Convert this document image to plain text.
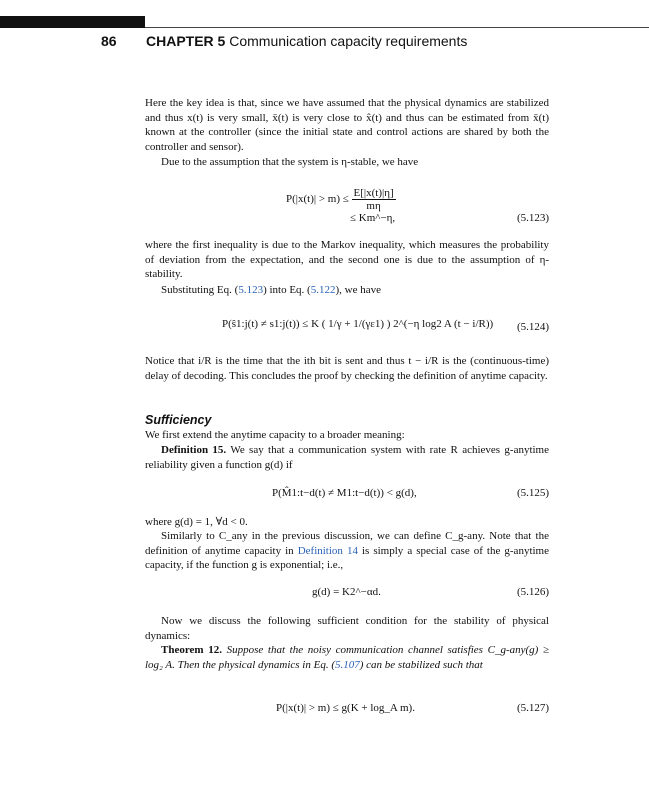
86 CHAPTER 5 Communication capacity requirements
Here the key idea is that, since we have assumed that the physical dynamics are stabilized and thus x(t) is very small, x̄(t) is very close to x̂(t) and thus can be estimated from x̄(t) known at the controller (since the initial state and control actions are shared by both the controller and sensor).
Due to the assumption that the system is η-stable, we have
$P(|x(t)| > m) \le \frac{E[|x(t)|\eta]}{m\eta}$
≤ Km^−η,	(5.123)
where the first inequality is due to the Markov inequality, which measures the probability of deviation from the expectation, and the second one is due to the assumption of η-stability.
Substituting Eq. (5.123) into Eq. (5.122), we have
P(ŝ1:j(t) ≠ s1:j(t)) ≤ K ( 1/γ + 1/(γε1) ) 2^(−η log2 A (t − i/R)) (5.124)
Notice that i/R is the time that the ith bit is sent and thus t − i/R is the (continuous-time) delay of decoding. This concludes the proof by checking the definition of anytime capacity.
Sufficiency
We first extend the anytime capacity to a broader meaning:
Definition 15. We say that a communication system with rate R achieves g-anytime reliability given a function g(d) if
P(M̂1:t−d(t) ≠ M1:t−d(t)) < g(d),	(5.125)
where g(d) = 1, ∀d < 0.
Similarly to C_any in the previous discussion, we can define C_g-any. Note that the definition of anytime capacity in Definition 14 is simply a special case of the g-anytime capacity, if the function g is exponential; i.e.,
g(d) = K2^−αd.	(5.126)
Now we discuss the following sufficient condition for the stability of physical dynamics:
Theorem 12. Suppose that the noisy communication channel satisfies C_g-any(g) ≥ log₂ A. Then the physical dynamics in Eq. (5.107) can be stabilized such that
P(|x(t)| > m) ≤ g(K + log_A m).	(5.127)
